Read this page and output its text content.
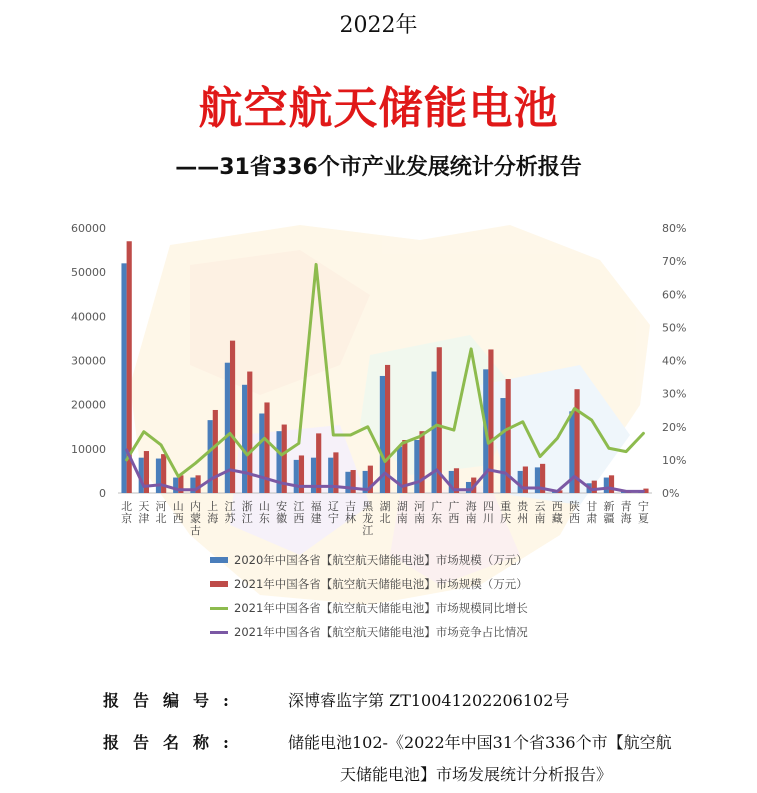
2022年
航空航天储能电池
——31省336个市产业发展统计分析报告
0
10000
20000
30000
40000
50000
60000
0%
10%
20%
30%
40%
50%
60%
70%
80%
北京
天津
河北
山西
内蒙古
上海
江苏
浙江
山东
安徽
江西
福建
辽宁
吉林
黑龙江
湖北
湖南
河南
广东
广西
海南
四川
重庆
贵州
云南
西藏
陕西
甘肃
新疆
青海
宁夏
2020年中国各省【航空航天储能电池】市场规模（万元）
2021年中国各省【航空航天储能电池】市场规模（万元）
2021年中国各省【航空航天储能电池】市场规模同比增长
2021年中国各省【航空航天储能电池】市场竞争占比情况
报告编号:	深博睿监字第 ZT10041202206102号
报告名称:	储能电池102-《2022年中国31个省336个市【航空航
天储能电池】市场发展统计分析报告》
